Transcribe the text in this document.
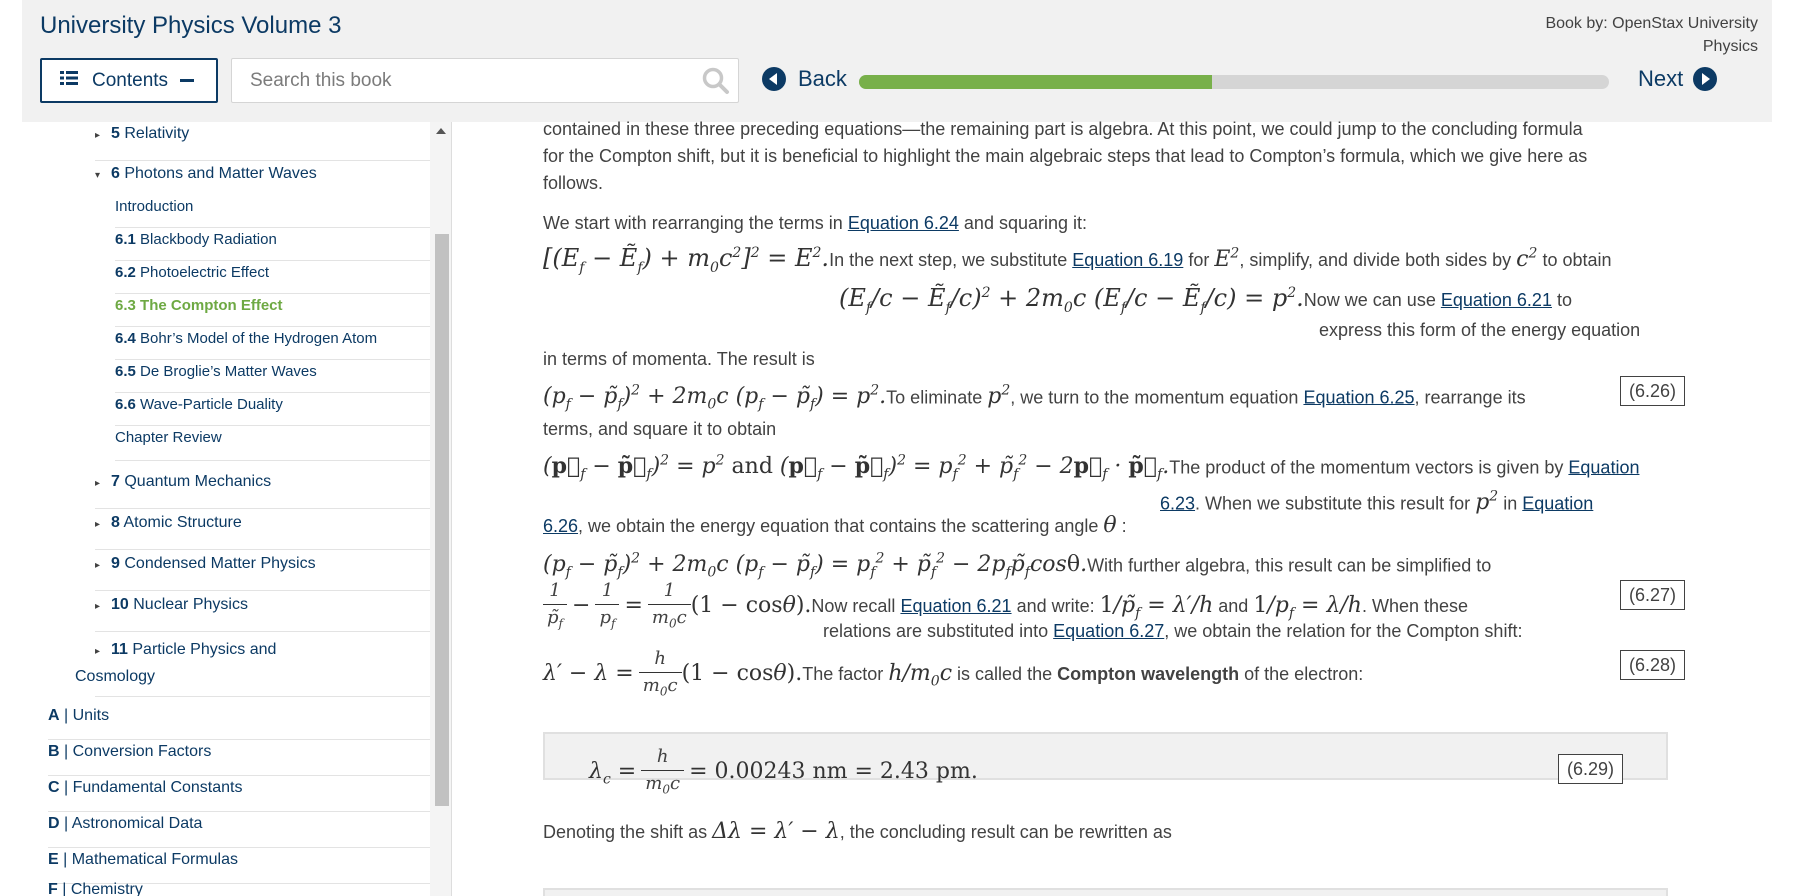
University Physics Volume 3	Book by: OpenStax University Physics
Contents
Search this book	Back	Next
▸ 5 Relativity
▾ 6 Photons and Matter Waves
Introduction
6.1 Blackbody Radiation
6.2 Photoelectric Effect
6.3 The Compton Effect
6.4 Bohr’s Model of the Hydrogen Atom
6.5 De Broglie’s Matter Waves
6.6 Wave-Particle Duality
Chapter Review
▸ 7 Quantum Mechanics
▸ 8 Atomic Structure
▸ 9 Condensed Matter Physics
▸ 10 Nuclear Physics
▸ 11 Particle Physics and
Cosmology
A | Units
B | Conversion Factors
C | Fundamental Constants
D | Astronomical Data
E | Mathematical Formulas
F | Chemistry
contained in these three preceding equations—the remaining part is algebra. At this point, we could jump to the concluding formula
for the Compton shift, but it is beneficial to highlight the main algebraic steps that lead to Compton’s formula, which we give here as
follows.
We start with rearranging the terms in Equation 6.24 and squaring it:
[($E_f$ − Ẽ$_f$) + $m_0c^2]^2 = E^2.In$ the next step, we substitute Equation 6.19 for $E^2$, simplify, and divide both sides by $c^2$ to obtain
($E_f/c$ − Ẽ$_f$/c)$^2$ + $2m_0c$ ($E_f/c$ − Ẽ$_f$/c) = $p^2.Now$ we can use Equation 6.21 to
express this form of the energy equation
in terms of momenta. The result is
($p_f$ − $p̃_f)^2 + 2m_0c$ ($p_f$ − $p̃_f) = p^2.To$ eliminate $p^2$, we turn to the momentum equation Equation 6.25, rearrange its	(6.26)
terms, and square it to obtain
($p⃗_f$ − $p̃⃗_f)^2 = p^2$ and ($p⃗_f$ − $p̃⃗_f)^2 = p_f^2$ + $p̃_f^2$ − $2p⃗_f$ · $p̃⃗_f.The$ product of the momentum vectors is given by Equation
6.23. When we substitute this result for $p^2$ in Equation
6.26, we obtain the energy equation that contains the scattering angle θ :
($p_f$ − $p̃_f)^2 + 2m_0c$ ($p_f$ − $p̃_f) = p_f^2$ + $p̃_f^2$ − $2p_fp̃_f\cos\theta.With$ further algebra, this result can be simplified to
$\frac{1}{p̃_f} - \frac{1}{p_f} = \frac{1}{m_0c} (1 - \cos\theta).Now$ recall Equation 6.21 and write: $1/p̃_f = \lambda'/h$ and $1/p_f = \lambda/h$. When these
relations are substituted into Equation 6.27, we obtain the relation for the Compton shift:
(6.27)
$\lambda' - \lambda = \frac{h}{m_0c} (1 - \cos\theta).The$ factor $h/m_0c$ is called the Compton wavelength of the electron:	(6.28)
$\lambda_c = \frac{h}{m_0c} = 0.00243$ nm = 2.43 pm.	(6.29)
Denoting the shift as Δλ = λ′ − λ, the concluding result can be rewritten as
